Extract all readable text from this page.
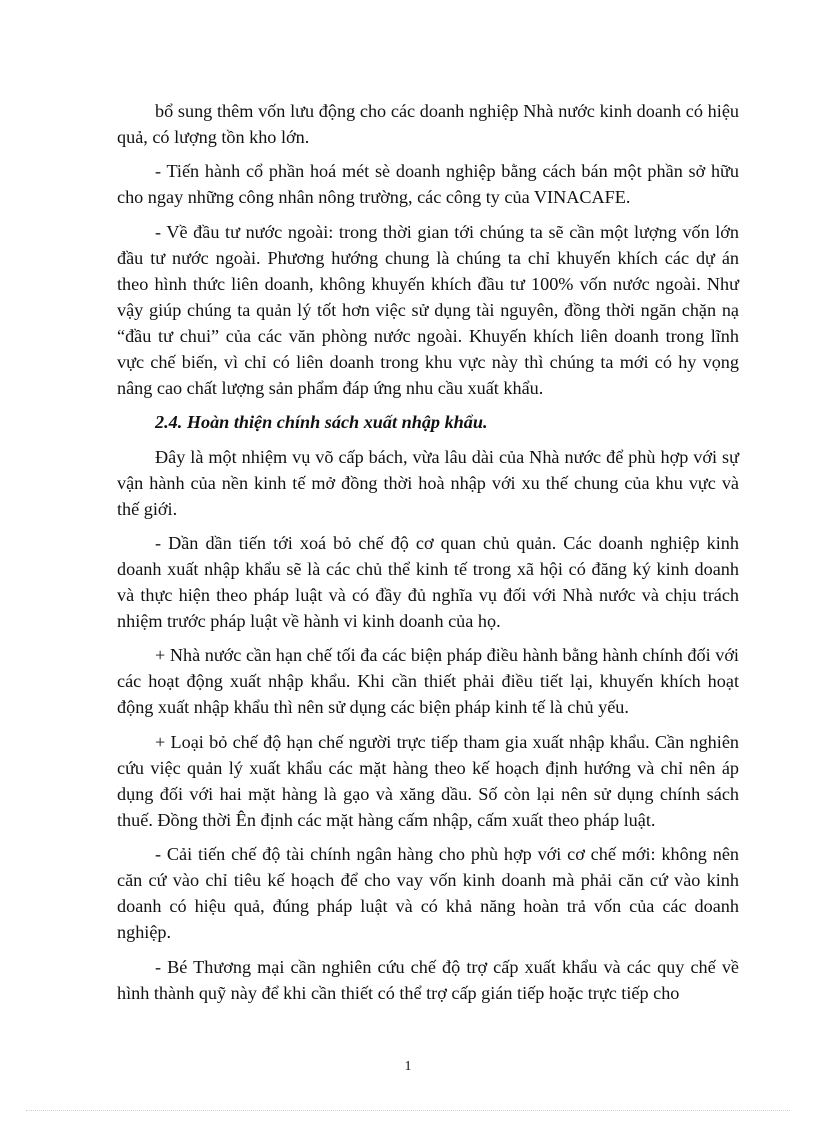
bổ sung thêm vốn lưu động cho các doanh nghiệp Nhà nước kinh doanh có hiệu quả, có lượng tồn kho lớn.

- Tiến hành cổ phần hoá mét sè doanh nghiệp bằng cách bán một phần sở hữu cho ngay những công nhân nông trường, các công ty của VINACAFE.

- Về đầu tư nước ngoài: trong thời gian tới chúng ta sẽ cần một lượng vốn lớn đầu tư nước ngoài. Phương hướng chung là chúng ta chỉ khuyến khích các dự án theo hình thức liên doanh, không khuyến khích đầu tư 100% vốn nước ngoài. Như vậy giúp chúng ta quản lý tốt hơn việc sử dụng tài nguyên, đồng thời ngăn chặn nạ “đầu tư chui” của các văn phòng nước ngoài. Khuyến khích liên doanh trong lĩnh vực chế biến, vì chỉ có liên doanh trong khu vực này thì chúng ta mới có hy vọng nâng cao chất lượng sản phẩm đáp ứng nhu cầu xuất khẩu.

2.4. Hoàn thiện chính sách xuất nhập khẩu.

Đây là một nhiệm vụ võ cấp bách, vừa lâu dài của Nhà nước để phù hợp với sự vận hành của nền kinh tế mở đồng thời hoà nhập với xu thế chung của khu vực và thế giới.

- Dần dần tiến tới xoá bỏ chế độ cơ quan chủ quản. Các doanh nghiệp kinh doanh xuất nhập khẩu sẽ là các chủ thể kinh tế trong xã hội có đăng ký kinh doanh và thực hiện theo pháp luật và có đầy đủ nghĩa vụ đối với Nhà nước và chịu trách nhiệm trước pháp luật về hành vi kinh doanh của họ.

+ Nhà nước cần hạn chế tối đa các biện pháp điều hành bằng hành chính đối với các hoạt động xuất nhập khẩu. Khi cần thiết phải điều tiết lại, khuyến khích hoạt động xuất nhập khẩu thì nên sử dụng các biện pháp kinh tế là chủ yếu.

+ Loại bỏ chế độ hạn chế người trực tiếp tham gia xuất nhập khẩu. Cần nghiên cứu việc quản lý xuất khẩu các mặt hàng theo kế hoạch định hướng và chỉ nên áp dụng đối với hai mặt hàng là gạo và xăng dầu. Số còn lại nên sử dụng chính sách thuế. Đồng thời Ên định các mặt hàng cấm nhập, cấm xuất theo pháp luật.

- Cải tiến chế độ tài chính ngân hàng cho phù hợp với cơ chế mới: không nên căn cứ vào chỉ tiêu kế hoạch để cho vay vốn kinh doanh mà phải căn cứ vào kinh doanh có hiệu quả, đúng pháp luật và có khả năng hoàn trả vốn của các doanh nghiệp.

- Bé Thương mại cần nghiên cứu chế độ trợ cấp xuất khẩu và các quy chế về hình thành quỹ này để khi cần thiết có thể trợ cấp gián tiếp hoặc trực tiếp cho

1
